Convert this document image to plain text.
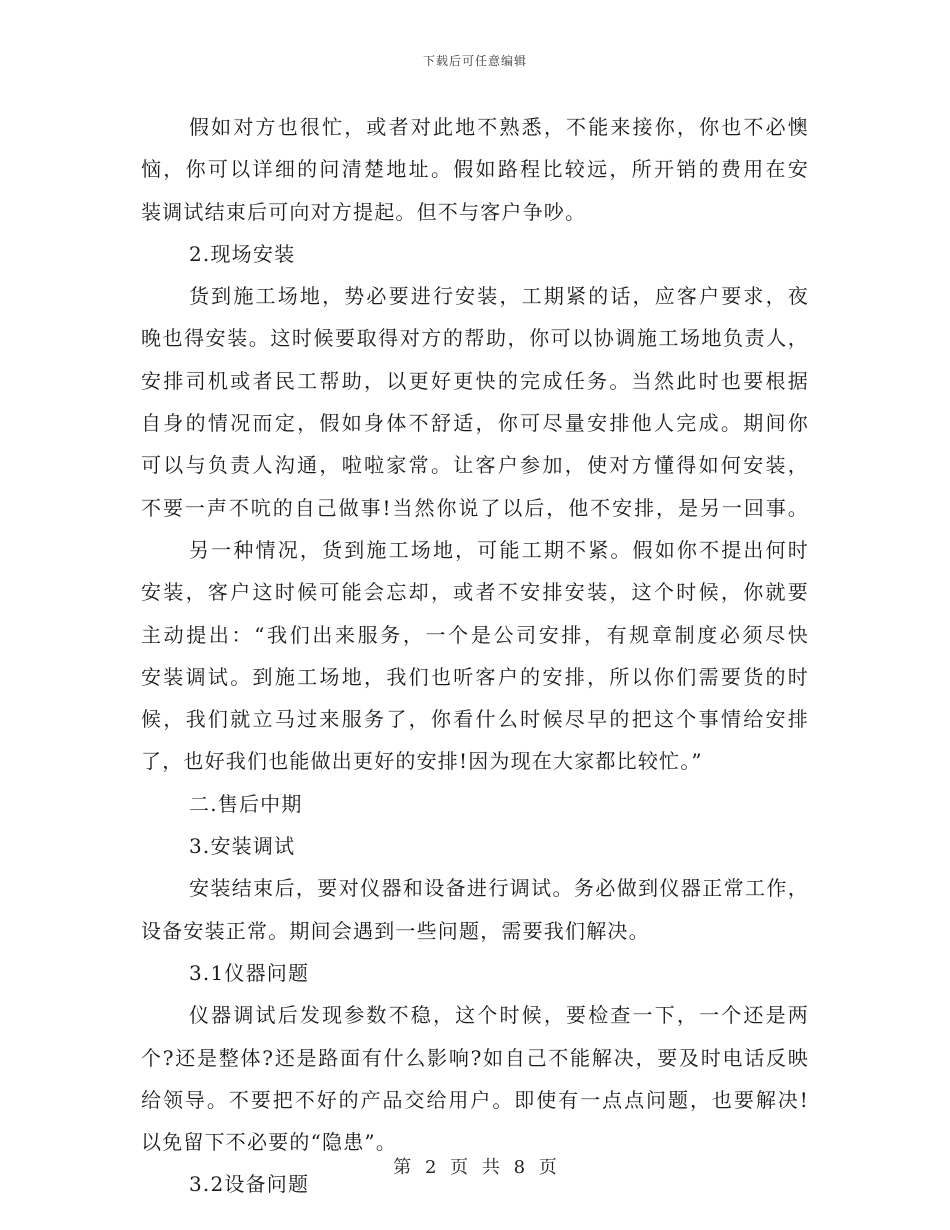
下载后可任意编辑
假如对方也很忙，或者对此地不熟悉，不能来接你，你也不必懊
恼，你可以详细的问清楚地址。假如路程比较远，所开销的费用在安
装调试结束后可向对方提起。但不与客户争吵。
2.现场安装
货到施工场地，势必要进行安装，工期紧的话，应客户要求，夜
晚也得安装。这时候要取得对方的帮助，你可以协调施工场地负责人，
安排司机或者民工帮助，以更好更快的完成任务。当然此时也要根据
自身的情况而定，假如身体不舒适，你可尽量安排他人完成。期间你
可以与负责人沟通，啦啦家常。让客户参加，使对方懂得如何安装，
不要一声不吭的自己做事!当然你说了以后，他不安排，是另一回事。
另一种情况，货到施工场地，可能工期不紧。假如你不提出何时
安装，客户这时候可能会忘却，或者不安排安装，这个时候，你就要
主动提出：“我们出来服务，一个是公司安排，有规章制度必须尽快
安装调试。到施工场地，我们也听客户的安排，所以你们需要货的时
候，我们就立马过来服务了，你看什么时候尽早的把这个事情给安排
了，也好我们也能做出更好的安排!因为现在大家都比较忙。”
二.售后中期
3.安装调试
安装结束后，要对仪器和设备进行调试。务必做到仪器正常工作，
设备安装正常。期间会遇到一些问题，需要我们解决。
3.1仪器问题
仪器调试后发现参数不稳，这个时候，要检查一下，一个还是两
个?还是整体?还是路面有什么影响?如自己不能解决，要及时电话反映
给领导。不要把不好的产品交给用户。即使有一点点问题，也要解决!
以免留下不必要的“隐患”。
3.2设备问题
第 2 页 共 8 页
